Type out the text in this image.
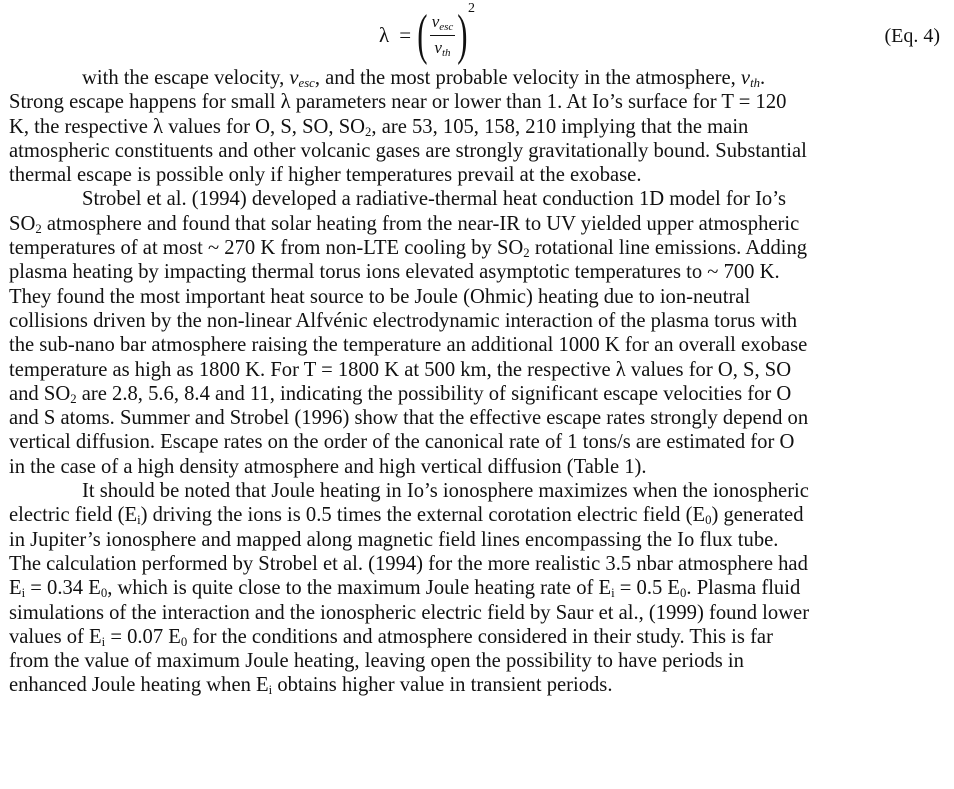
λ = ( $\frac{v_{esc}}{v_{th}}$ ) 2
(Eq. 4)

with the escape velocity, $v_{esc}$, and the most probable velocity in the atmosphere, $v_{th}$.
Strong escape happens for small λ parameters near or lower than 1. At Io’s surface for T = 120
K, the respective λ values for O, S, SO, $SO_2$, are 53, 105, 158, 210 implying that the main
atmospheric constituents and other volcanic gases are strongly gravitationally bound. Substantial
thermal escape is possible only if higher temperatures prevail at the exobase.

Strobel et al. (1994) developed a radiative-thermal heat conduction 1D model for Io’s
$SO_2$ atmosphere and found that solar heating from the near-IR to UV yielded upper atmospheric
temperatures of at most ~ 270 K from non-LTE cooling by $SO_2$ rotational line emissions. Adding
plasma heating by impacting thermal torus ions elevated asymptotic temperatures to ~ 700 K.
They found the most important heat source to be Joule (Ohmic) heating due to ion-neutral
collisions driven by the non-linear Alfvénic electrodynamic interaction of the plasma torus with
the sub-nano bar atmosphere raising the temperature an additional 1000 K for an overall exobase
temperature as high as 1800 K. For T = 1800 K at 500 km, the respective λ values for O, S, SO
and $SO_2$ are 2.8, 5.6, 8.4 and 11, indicating the possibility of significant escape velocities for O
and S atoms. Summer and Strobel (1996) show that the effective escape rates strongly depend on
vertical diffusion. Escape rates on the order of the canonical rate of 1 tons/s are estimated for O
in the case of a high density atmosphere and high vertical diffusion (Table 1).

It should be noted that Joule heating in Io’s ionosphere maximizes when the ionospheric
electric field $(E_i)$ driving the ions is 0.5 times the external corotation electric field $(E_0)$ generated
in Jupiter’s ionosphere and mapped along magnetic field lines encompassing the Io flux tube.
The calculation performed by Strobel et al. (1994) for the more realistic 3.5 nbar atmosphere had
$E_i = 0.34$ $E_0$, which is quite close to the maximum Joule heating rate of $E_i = 0.5$ $E_0$. Plasma fluid
simulations of the interaction and the ionospheric electric field by Saur et al., (1999) found lower
values of $E_i = 0.07$ $E_0$ for the conditions and atmosphere considered in their study. This is far
from the value of maximum Joule heating, leaving open the possibility to have periods in
enhanced Joule heating when $E_i$ obtains higher value in transient periods.
